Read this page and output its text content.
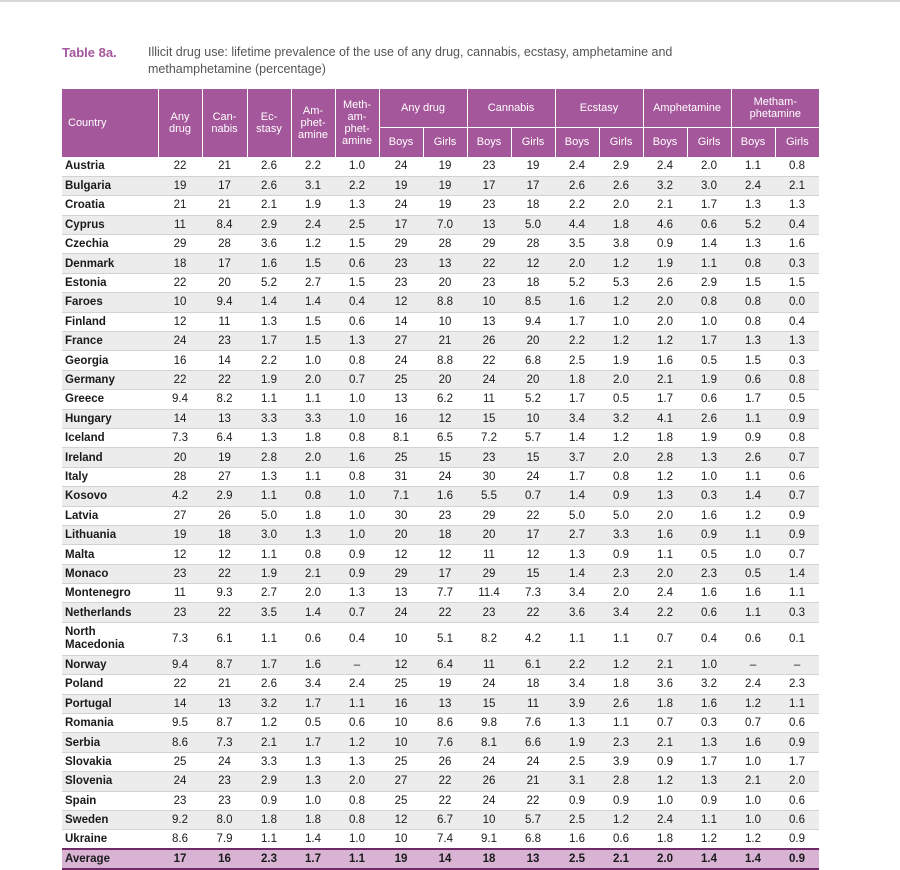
Table 8a.	Illicit drug use: lifetime prevalence of the use of any drug, cannabis, ecstasy, amphetamine and methamphetamine (percentage)
Country	Any drug	Can-nabis	Ec-stasy	Am-phet-amine	Meth-am-phet-amine	Any drug		Cannabis		Ecstasy		Amphetamine		Metham-phetamine	
						Boys	Girls	Boys	Girls	Boys	Girls	Boys	Girls	Boys	Girls
Austria	22	21	2.6	2.2	1.0	24	19	23	19	2.4	2.9	2.4	2.0	1.1	0.8
Bulgaria	19	17	2.6	3.1	2.2	19	19	17	17	2.6	2.6	3.2	3.0	2.4	2.1
Croatia	21	21	2.1	1.9	1.3	24	19	23	18	2.2	2.0	2.1	1.7	1.3	1.3
Cyprus	11	8.4	2.9	2.4	2.5	17	7.0	13	5.0	4.4	1.8	4.6	0.6	5.2	0.4
Czechia	29	28	3.6	1.2	1.5	29	28	29	28	3.5	3.8	0.9	1.4	1.3	1.6
Denmark	18	17	1.6	1.5	0.6	23	13	22	12	2.0	1.2	1.9	1.1	0.8	0.3
Estonia	22	20	5.2	2.7	1.5	23	20	23	18	5.2	5.3	2.6	2.9	1.5	1.5
Faroes	10	9.4	1.4	1.4	0.4	12	8.8	10	8.5	1.6	1.2	2.0	0.8	0.8	0.0
Finland	12	11	1.3	1.5	0.6	14	10	13	9.4	1.7	1.0	2.0	1.0	0.8	0.4
France	24	23	1.7	1.5	1.3	27	21	26	20	2.2	1.2	1.2	1.7	1.3	1.3
Georgia	16	14	2.2	1.0	0.8	24	8.8	22	6.8	2.5	1.9	1.6	0.5	1.5	0.3
Germany	22	22	1.9	2.0	0.7	25	20	24	20	1.8	2.0	2.1	1.9	0.6	0.8
Greece	9.4	8.2	1.1	1.1	1.0	13	6.2	11	5.2	1.7	0.5	1.7	0.6	1.7	0.5
Hungary	14	13	3.3	3.3	1.0	16	12	15	10	3.4	3.2	4.1	2.6	1.1	0.9
Iceland	7.3	6.4	1.3	1.8	0.8	8.1	6.5	7.2	5.7	1.4	1.2	1.8	1.9	0.9	0.8
Ireland	20	19	2.8	2.0	1.6	25	15	23	15	3.7	2.0	2.8	1.3	2.6	0.7
Italy	28	27	1.3	1.1	0.8	31	24	30	24	1.7	0.8	1.2	1.0	1.1	0.6
Kosovo	4.2	2.9	1.1	0.8	1.0	7.1	1.6	5.5	0.7	1.4	0.9	1.3	0.3	1.4	0.7
Latvia	27	26	5.0	1.8	1.0	30	23	29	22	5.0	5.0	2.0	1.6	1.2	0.9
Lithuania	19	18	3.0	1.3	1.0	20	18	20	17	2.7	3.3	1.6	0.9	1.1	0.9
Malta	12	12	1.1	0.8	0.9	12	12	11	12	1.3	0.9	1.1	0.5	1.0	0.7
Monaco	23	22	1.9	2.1	0.9	29	17	29	15	1.4	2.3	2.0	2.3	0.5	1.4
Montenegro	11	9.3	2.7	2.0	1.3	13	7.7	11.4	7.3	3.4	2.0	2.4	1.6	1.6	1.1
Netherlands	23	22	3.5	1.4	0.7	24	22	23	22	3.6	3.4	2.2	0.6	1.1	0.3
North Macedonia	7.3	6.1	1.1	0.6	0.4	10	5.1	8.2	4.2	1.1	1.1	0.7	0.4	0.6	0.1
Norway	9.4	8.7	1.7	1.6	–	12	6.4	11	6.1	2.2	1.2	2.1	1.0	–	–
Poland	22	21	2.6	3.4	2.4	25	19	24	18	3.4	1.8	3.6	3.2	2.4	2.3
Portugal	14	13	3.2	1.7	1.1	16	13	15	11	3.9	2.6	1.8	1.6	1.2	1.1
Romania	9.5	8.7	1.2	0.5	0.6	10	8.6	9.8	7.6	1.3	1.1	0.7	0.3	0.7	0.6
Serbia	8.6	7.3	2.1	1.7	1.2	10	7.6	8.1	6.6	1.9	2.3	2.1	1.3	1.6	0.9
Slovakia	25	24	3.3	1.3	1.3	25	26	24	24	2.5	3.9	0.9	1.7	1.0	1.7
Slovenia	24	23	2.9	1.3	2.0	27	22	26	21	3.1	2.8	1.2	1.3	2.1	2.0
Spain	23	23	0.9	1.0	0.8	25	22	24	22	0.9	0.9	1.0	0.9	1.0	0.6
Sweden	9.2	8.0	1.8	1.8	0.8	12	6.7	10	5.7	2.5	1.2	2.4	1.1	1.0	0.6
Ukraine	8.6	7.9	1.1	1.4	1.0	10	7.4	9.1	6.8	1.6	0.6	1.8	1.2	1.2	0.9
Average	17	16	2.3	1.7	1.1	19	14	18	13	2.5	2.1	2.0	1.4	1.4	0.9
